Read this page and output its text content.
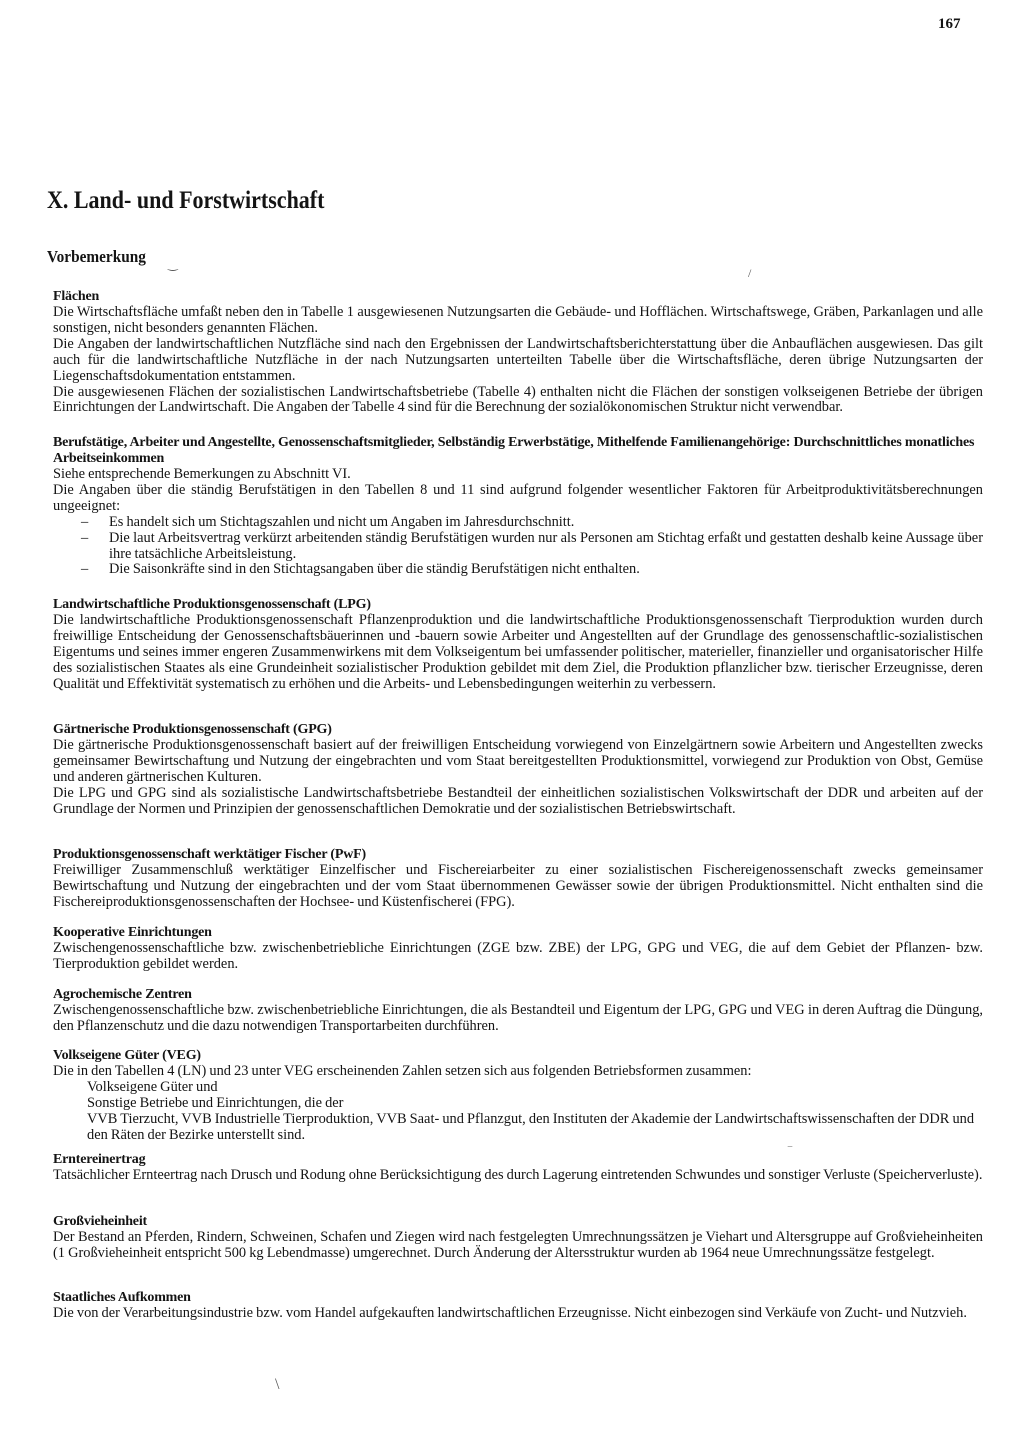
167
X. Land- und Forstwirtschaft
Vorbemerkung ‿
/
Flächen

Die Wirtschaftsfläche umfaßt neben den in Tabelle 1 ausgewiesenen Nutzungsarten die Gebäude- und Hofflächen. Wirtschaftswege, Gräben, Parkanlagen und alle sonstigen, nicht besonders genannten Flächen.

Die Angaben der landwirtschaftlichen Nutzfläche sind nach den Ergebnissen der Landwirtschaftsberichterstattung über die Anbauflächen ausgewiesen. Das gilt auch für die landwirtschaftliche Nutzfläche in der nach Nutzungsarten unterteilten Tabelle über die Wirtschaftsfläche, deren übrige Nutzungsarten der Liegenschaftsdokumentation entstammen.

Die ausgewiesenen Flächen der sozialistischen Landwirtschaftsbetriebe (Tabelle 4) enthalten nicht die Flächen der sonstigen volkseigenen Betriebe der übrigen Einrichtungen der Landwirtschaft. Die Angaben der Tabelle 4 sind für die Berechnung der sozialökonomischen Struktur nicht verwendbar.

Berufstätige, Arbeiter und Angestellte, Genossenschaftsmitglieder, Selbständig Erwerbstätige, Mithelfende Familienangehörige: Durchschnittliches monatliches Arbeitseinkommen

Siehe entsprechende Bemerkungen zu Abschnitt VI.

Die Angaben über die ständig Berufstätigen in den Tabellen 8 und 11 sind aufgrund folgender wesentlicher Faktoren für Arbeitproduktivitätsberechnungen ungeeignet:

– Es handelt sich um Stichtagszahlen und nicht um Angaben im Jahresdurchschnitt.
– Die laut Arbeitsvertrag verkürzt arbeitenden ständig Berufstätigen wurden nur als Personen am Stichtag erfaßt und gestatten deshalb keine Aussage über ihre tatsächliche Arbeitsleistung.
– Die Saisonkräfte sind in den Stichtagsangaben über die ständig Berufstätigen nicht enthalten.
Landwirtschaftliche Produktionsgenossenschaft (LPG)

Die landwirtschaftliche Produktionsgenossenschaft Pflanzenproduktion und die landwirtschaftliche Produktionsgenossenschaft Tierproduktion wurden durch freiwillige Entscheidung der Genossenschaftsbäuerinnen und -bauern sowie Arbeiter und Angestellten auf der Grundlage des genossenschaftlic-sozialistischen Eigentums und seines immer engeren Zusammenwirkens mit dem Volkseigentum bei umfassender politischer, materieller, finanzieller und organisatorischer Hilfe des sozialistischen Staates als eine Grundeinheit sozialistischer Produktion gebildet mit dem Ziel, die Produktion pflanzlicher bzw. tierischer Erzeugnisse, deren Qualität und Effektivität systematisch zu erhöhen und die Arbeits- und Lebensbedingungen weiterhin zu verbessern.

Gärtnerische Produktionsgenossenschaft (GPG)

Die gärtnerische Produktionsgenossenschaft basiert auf der freiwilligen Entscheidung vorwiegend von Einzelgärtnern sowie Arbeitern und Angestellten zwecks gemeinsamer Bewirtschaftung und Nutzung der eingebrachten und vom Staat bereitgestellten Produktionsmittel, vorwiegend zur Produktion von Obst, Gemüse und anderen gärtnerischen Kulturen.

Die LPG und GPG sind als sozialistische Landwirtschaftsbetriebe Bestandteil der einheitlichen sozialistischen Volkswirtschaft der DDR und arbeiten auf der Grundlage der Normen und Prinzipien der genossenschaftlichen Demokratie und der sozialistischen Betriebswirtschaft.

Produktionsgenossenschaft werktätiger Fischer (PwF)

Freiwilliger Zusammenschluß werktätiger Einzelfischer und Fischereiarbeiter zu einer sozialistischen Fischereigenossenschaft zwecks gemeinsamer Bewirtschaftung und Nutzung der eingebrachten und der vom Staat übernommenen Gewässer sowie der übrigen Produktionsmittel. Nicht enthalten sind die Fischereiproduktionsgenossenschaften der Hochsee- und Küstenfischerei (FPG).

Kooperative Einrichtungen

Zwischengenossenschaftliche bzw. zwischenbetriebliche Einrichtungen (ZGE bzw. ZBE) der LPG, GPG und VEG, die auf dem Gebiet der Pflanzen- bzw. Tierproduktion gebildet werden.

Agrochemische Zentren

Zwischengenossenschaftliche bzw. zwischenbetriebliche Einrichtungen, die als Bestandteil und Eigentum der LPG, GPG und VEG in deren Auftrag die Düngung, den Pflanzenschutz und die dazu notwendigen Transportarbeiten durchführen.

Volkseigene Güter (VEG)

Die in den Tabellen 4 (LN) und 23 unter VEG erscheinenden Zahlen setzen sich aus folgenden Betriebsformen zusammen:

Volkseigene Güter und

Sonstige Betriebe und Einrichtungen, die der

VVB Tierzucht, VVB Industrielle Tierproduktion, VVB Saat- und Pflanzgut, den Instituten der Akademie der Landwirtschaftswissenschaften der DDR und den Räten der Bezirke unterstellt sind.

‾
Erntereinertrag

Tatsächlicher Ernteertrag nach Drusch und Rodung ohne Berücksichtigung des durch Lagerung eintretenden Schwundes und sonstiger Verluste (Speicherverluste).

Großvieheinheit

Der Bestand an Pferden, Rindern, Schweinen, Schafen und Ziegen wird nach festgelegten Umrechnungssätzen je Viehart und Altersgruppe auf Großvieheinheiten (1 Großvieheinheit entspricht 500 kg Lebendmasse) umgerechnet. Durch Änderung der Altersstruktur wurden ab 1964 neue Umrechnungssätze festgelegt.

Staatliches Aufkommen

Die von der Verarbeitungsindustrie bzw. vom Handel aufgekauften landwirtschaftlichen Erzeugnisse. Nicht einbezogen sind Verkäufe von Zucht- und Nutzvieh.

\
